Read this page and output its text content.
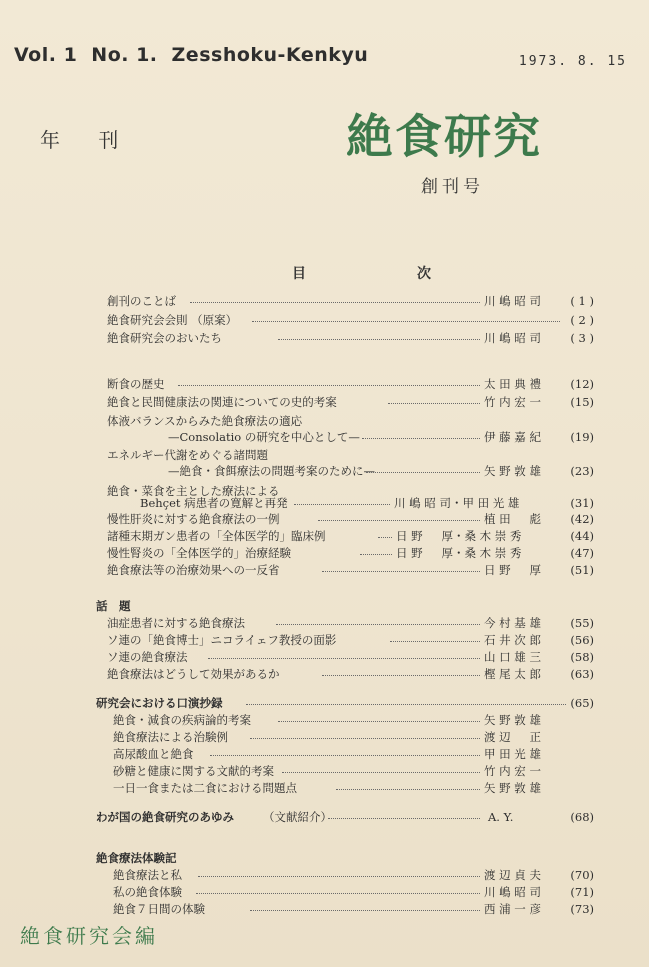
Vol. 1 No. 1. Zesshoku-Kenkyu	1973. 8. 15
年 刊	絶食研究
創刊号
目	次
創刊のことば	川 嶋 昭 司	( 1 )
絶食研究会会則 （原案）	( 2 )
絶食研究会のおいたち	川 嶋 昭 司	( 3 )
断食の歴史	太 田 典 禮	(12)
絶食と民間健康法の関連についての史的考案	竹 内 宏 一	(15)
体液バランスからみた絶食療法の適応
—Consolatio の研究を中心として—	伊 藤 嘉 紀	(19)
エネルギー代謝をめぐる諸問題
—絶食・食餌療法の問題考案のために—	矢 野 敦 雄	(23)
絶食・菜食を主とした療法による
Behçet 病患者の寛解と再発	川 嶋 昭 司・甲 田 光 雄	(31)
慢性肝炎に対する絶食療法の一例	植 田 　 彪	(42)
諸種末期ガン患者の「全体医学的」臨床例	日 野 　 厚・桑 木 崇 秀	(44)
慢性腎炎の「全体医学的」治療経験	日 野 　 厚・桑 木 崇 秀	(47)
絶食療法等の治療効果への一反省	日 野 　 厚	(51)
話　題
油症患者に対する絶食療法	今 村 基 雄	(55)
ソ連の「絶食博士」ニコライェフ教授の面影	石 井 次 郎	(56)
ソ連の絶食療法	山 口 雄 三	(58)
絶食療法はどうして効果があるか	樫 尾 太 郎	(63)
研究会における口演抄録	(65)
絶食・減食の疾病論的考案	矢 野 敦 雄
絶食療法による治験例	渡 辺 　 正
高尿酸血と絶食	甲 田 光 雄
砂糖と健康に関する文献的考案	竹 内 宏 一
一日一食または二食における問題点	矢 野 敦 雄
わが国の絶食研究のあゆみ	（文献紹介）	A. Y.	(68)
絶食療法体験記
絶食療法と私	渡 辺 貞 夫	(70)
私の絶食体験	川 嶋 昭 司	(71)
絶食７日間の体験	西 浦 一 彦	(73)
絶食研究会編
